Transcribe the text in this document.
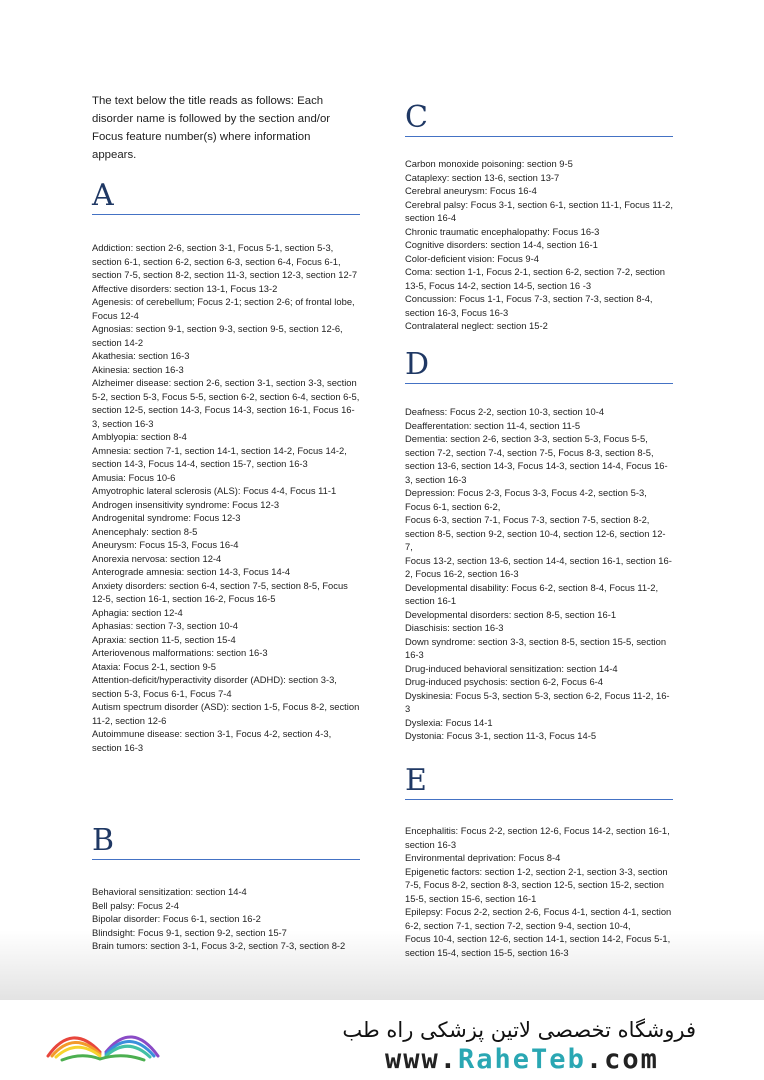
The text below the title reads as follows: Each disorder name is followed by the section and/or Focus feature number(s) where information appears.
A
Addiction: section 2-6, section 3-1, Focus 5-1, section 5-3, section 6-1, section 6-2, section 6-3, section 6-4, Focus 6-1, section 7-5, section 8-2, section 11-3, section 12-3, section 12-7
Affective disorders: section 13-1, Focus 13-2
Agenesis: of cerebellum; Focus 2-1; section 2-6; of frontal lobe, Focus 12-4
Agnosias: section 9-1, section 9-3, section 9-5, section 12-6, section 14-2
Akathesia: section 16-3
Akinesia: section 16-3
Alzheimer disease: section 2-6, section 3-1, section 3-3, section 5-2, section 5-3, Focus 5-5, section 6-2, section 6-4, section 6-5, section 12-5, section 14-3, Focus 14-3, section 16-1, Focus 16-3, section 16-3
Amblyopia: section 8-4
Amnesia: section 7-1, section 14-1, section 14-2, Focus 14-2, section 14-3, Focus 14-4, section 15-7, section 16-3
Amusia: Focus 10-6
Amyotrophic lateral sclerosis (ALS): Focus 4-4, Focus 11-1
Androgen insensitivity syndrome: Focus 12-3
Androgenital syndrome: Focus 12-3
Anencephaly: section 8-5
Aneurysm: Focus 15-3, Focus 16-4
Anorexia nervosa: section 12-4
Anterograde amnesia: section 14-3, Focus 14-4
Anxiety disorders: section 6-4, section 7-5, section 8-5, Focus 12-5, section 16-1, section 16-2, Focus 16-5
Aphagia: section 12-4
Aphasias: section 7-3, section 10-4
Apraxia: section 11-5, section 15-4
Arteriovenous malformations: section 16-3
Ataxia: Focus 2-1, section 9-5
Attention-deficit/hyperactivity disorder (ADHD): section 3-3, section 5-3, Focus 6-1, Focus 7-4
Autism spectrum disorder (ASD): section 1-5, Focus 8-2, section 11-2, section 12-6
Autoimmune disease: section 3-1, Focus 4-2, section 4-3, section 16-3
B
Behavioral sensitization: section 14-4
Bell palsy: Focus 2-4
Bipolar disorder: Focus 6-1, section 16-2
Blindsight: Focus 9-1, section 9-2, section 15-7
Brain tumors: section 3-1, Focus 3-2, section 7-3, section 8-2
C
Carbon monoxide poisoning: section 9-5
Cataplexy: section 13-6, section 13-7
Cerebral aneurysm: Focus 16-4
Cerebral palsy: Focus 3-1, section 6-1, section 11-1, Focus 11-2, section 16-4
Chronic traumatic encephalopathy: Focus 16-3
Cognitive disorders: section 14-4, section 16-1
Color-deficient vision: Focus 9-4
Coma: section 1-1, Focus 2-1, section 6-2, section 7-2, section 13-5, Focus 14-2, section 14-5, section 16 -3
Concussion: Focus 1-1, Focus 7-3, section 7-3, section 8-4, section 16-3, Focus 16-3
Contralateral neglect: section 15-2
D
Deafness: Focus 2-2, section 10-3, section 10-4
Deafferentation: section 11-4, section 11-5
Dementia: section 2-6, section 3-3, section 5-3, Focus 5-5, section 7-2, section 7-4, section 7-5, Focus 8-3, section 8-5, section 13-6, section 14-3, Focus 14-3, section 14-4, Focus 16-3, section 16-3
Depression: Focus 2-3, Focus 3-3, Focus 4-2, section 5-3, Focus 6-1, section 6-2,
Focus 6-3, section 7-1, Focus 7-3, section 7-5, section 8-2, section 8-5, section 9-2, section 10-4, section 12-6, section 12-7,
Focus 13-2, section 13-6, section 14-4, section 16-1, section 16-2, Focus 16-2, section 16-3
Developmental disability: Focus 6-2, section 8-4, Focus 11-2, section 16-1
Developmental disorders: section 8-5, section 16-1
Diaschisis: section 16-3
Down syndrome: section 3-3, section 8-5, section 15-5, section 16-3
Drug-induced behavioral sensitization: section 14-4
Drug-induced psychosis: section 6-2, Focus 6-4
Dyskinesia: Focus 5-3, section 5-3, section 6-2, Focus 11-2, 16-3
Dyslexia: Focus 14-1
Dystonia: Focus 3-1, section 11-3, Focus 14-5
E
Encephalitis: Focus 2-2, section 12-6, Focus 14-2, section 16-1, section 16-3
Environmental deprivation: Focus 8-4
Epigenetic factors: section 1-2, section 2-1, section 3-3, section 7-5, Focus 8-2, section 8-3, section 12-5, section 15-2, section 15-5, section 15-6, section 16-1
Epilepsy: Focus 2-2, section 2-6, Focus 4-1, section 4-1, section 6-2, section 7-1, section 7-2, section 9-4, section 10-4,
Focus 10-4, section 12-6, section 14-1, section 14-2, Focus 5-1, section 15-4, section 15-5, section 16-3
فروشگاه تخصصی لاتین پزشکی راه طب
www.RaheTeb.com
